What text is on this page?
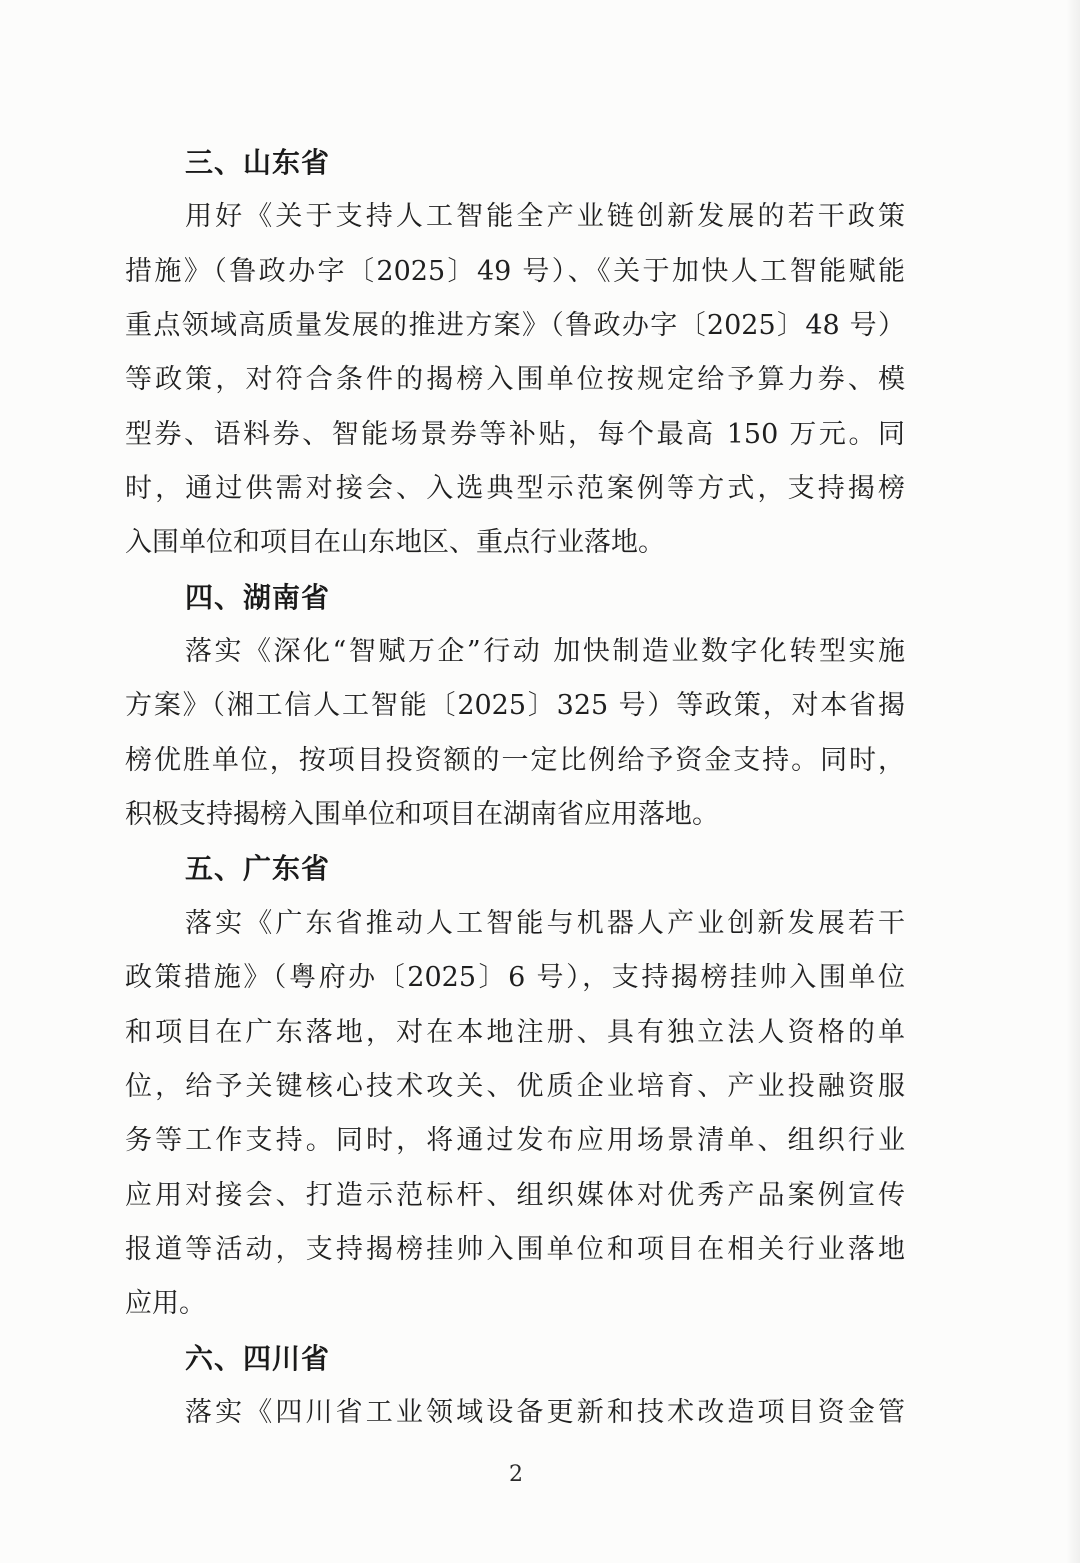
三、山东省
用好《关于支持人工智能全产业链创新发展的若干政策
措施》（鲁政办字〔2025〕49 号）、《关于加快人工智能赋能
重点领域高质量发展的推进方案》（鲁政办字〔2025〕48 号）
等政策，对符合条件的揭榜入围单位按规定给予算力券、模
型券、语料券、智能场景券等补贴，每个最高 150 万元。同
时，通过供需对接会、入选典型示范案例等方式，支持揭榜
入围单位和项目在山东地区、重点行业落地。
四、湖南省
落实《深化“智赋万企”行动 加快制造业数字化转型实施
方案》（湘工信人工智能〔2025〕325 号）等政策，对本省揭
榜优胜单位，按项目投资额的一定比例给予资金支持。同时，
积极支持揭榜入围单位和项目在湖南省应用落地。
五、广东省
落实《广东省推动人工智能与机器人产业创新发展若干
政策措施》（粤府办〔2025〕6 号），支持揭榜挂帅入围单位
和项目在广东落地，对在本地注册、具有独立法人资格的单
位，给予关键核心技术攻关、优质企业培育、产业投融资服
务等工作支持。同时，将通过发布应用场景清单、组织行业
应用对接会、打造示范标杆、组织媒体对优秀产品案例宣传
报道等活动，支持揭榜挂帅入围单位和项目在相关行业落地
应用。
六、四川省
落实《四川省工业领域设备更新和技术改造项目资金管
2
